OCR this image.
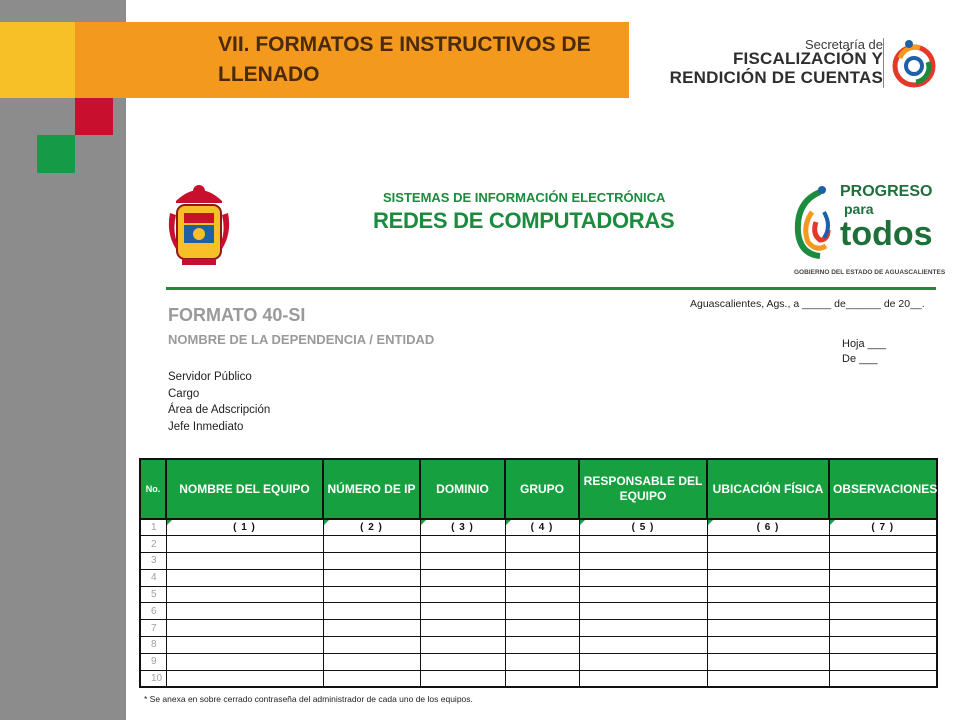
VII. FORMATOS E INSTRUCTIVOS DE
LLENADO
Secretaría de
FISCALIZACIÓN Y
RENDICIÓN DE CUENTAS
SISTEMAS DE INFORMACIÓN ELECTRÓNICA
REDES DE COMPUTADORAS
PROGRESO
para
todos
GOBIERNO DEL ESTADO DE AGUASCALIENTES
FORMATO 40-SI
NOMBRE DE LA DEPENDENCIA / ENTIDAD
Aguascalientes, Ags., a _____ de______ de 20__.
Hoja ___
De ___
Servidor Público
Cargo
Área de Adscripción
Jefe Inmediato
No.	NOMBRE DEL EQUIPO	NÚMERO DE IP	DOMINIO	GRUPO	RESPONSABLE DEL EQUIPO	UBICACIÓN FÍSICA	OBSERVACIONES
1	( 1 )	( 2 )	( 3 )	( 4 )	( 5 )	( 6 )	( 7 )
2							
3							
4							
5							
6							
7							
8							
9							
10							
* Se anexa en sobre cerrado contraseña del administrador de cada uno de los equipos.
